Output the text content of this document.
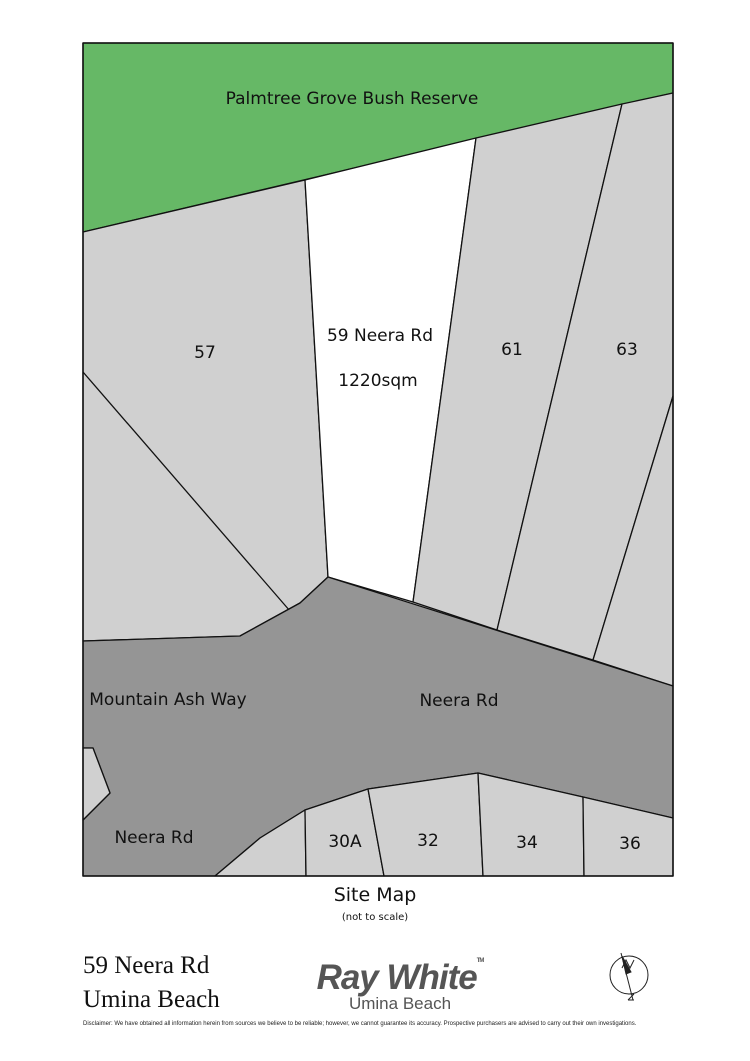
Palmtree Grove Bush Reserve
59 Neera Rd
1220sqm
57	61	63
30A	32	34	36
Mountain Ash Way	Neera Rd
Neera Rd
Site Map
(not to scale)
59 Neera Rd
Umina Beach
Ray White™
Umina Beach
Disclaimer: We have obtained all information herein from sources we believe to be reliable; however, we cannot guarantee its accuracy. Prospective purchasers are advised to carry out their own investigations.
